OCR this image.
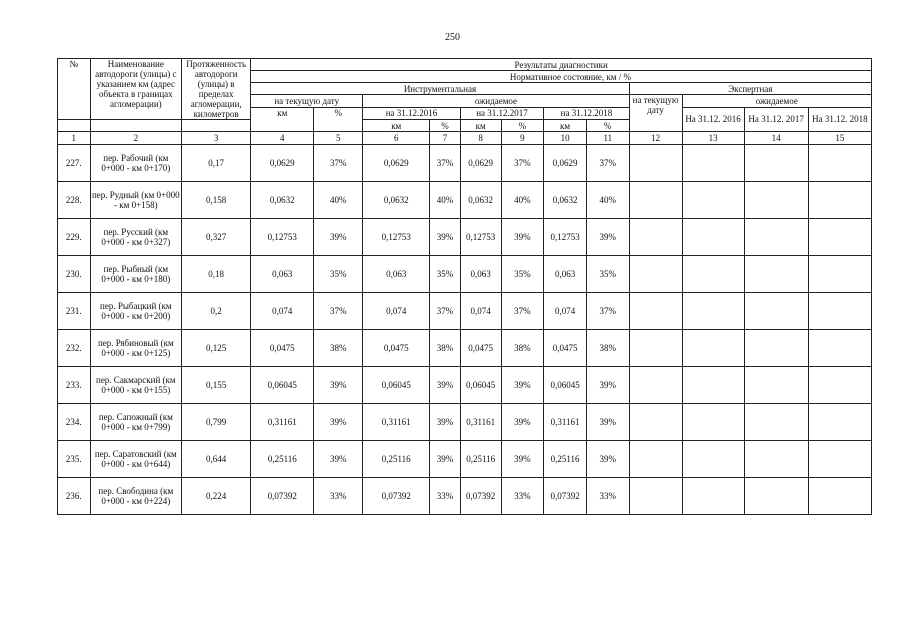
250
№	Наименование автодороги (улицы) с указанием км (адрес объекта в границах агломерации)	Протяженность автодороги (улицы) в пределах агломерации, километров	Результаты диагностики											
			Нормативное состояние, км / %											
			Инструментальная								Экспертная			
			на текущую дату		ожидаемое						на текущую дату	ожидаемое		
			км	%	на 31.12.2016		на 31.12.2017		на 31.12.2018			На 31.12. 2016	На 31.12. 2017	На 31.12. 2018
					км	%	км	%	км	%				
1	2	3	4	5	6	7	8	9	10	11	12	13	14	15
227.	пер. Рабочий (км 0+000 - км 0+170)	0,17	0,0629	37%	0,0629	37%	0,0629	37%	0,0629	37%				
228.	пер. Рудный (км 0+000 - км 0+158)	0,158	0,0632	40%	0,0632	40%	0,0632	40%	0,0632	40%				
229.	пер. Русский (км 0+000 - км 0+327)	0,327	0,12753	39%	0,12753	39%	0,12753	39%	0,12753	39%				
230.	пер. Рыбный (км 0+000 - км 0+180)	0,18	0,063	35%	0,063	35%	0,063	35%	0,063	35%				
231.	пер. Рыбацкий (км 0+000 - км 0+200)	0,2	0,074	37%	0,074	37%	0,074	37%	0,074	37%				
232.	пер. Рябиновый (км 0+000 - км 0+125)	0,125	0,0475	38%	0,0475	38%	0,0475	38%	0,0475	38%				
233.	пер. Сакмарский (км 0+000 - км 0+155)	0,155	0,06045	39%	0,06045	39%	0,06045	39%	0,06045	39%				
234.	пер. Сапожный (км 0+000 - км 0+799)	0,799	0,31161	39%	0,31161	39%	0,31161	39%	0,31161	39%				
235.	пер. Саратовский (км 0+000 - км 0+644)	0,644	0,25116	39%	0,25116	39%	0,25116	39%	0,25116	39%				
236.	пер. Свободина (км 0+000 - км 0+224)	0,224	0,07392	33%	0,07392	33%	0,07392	33%	0,07392	33%				
